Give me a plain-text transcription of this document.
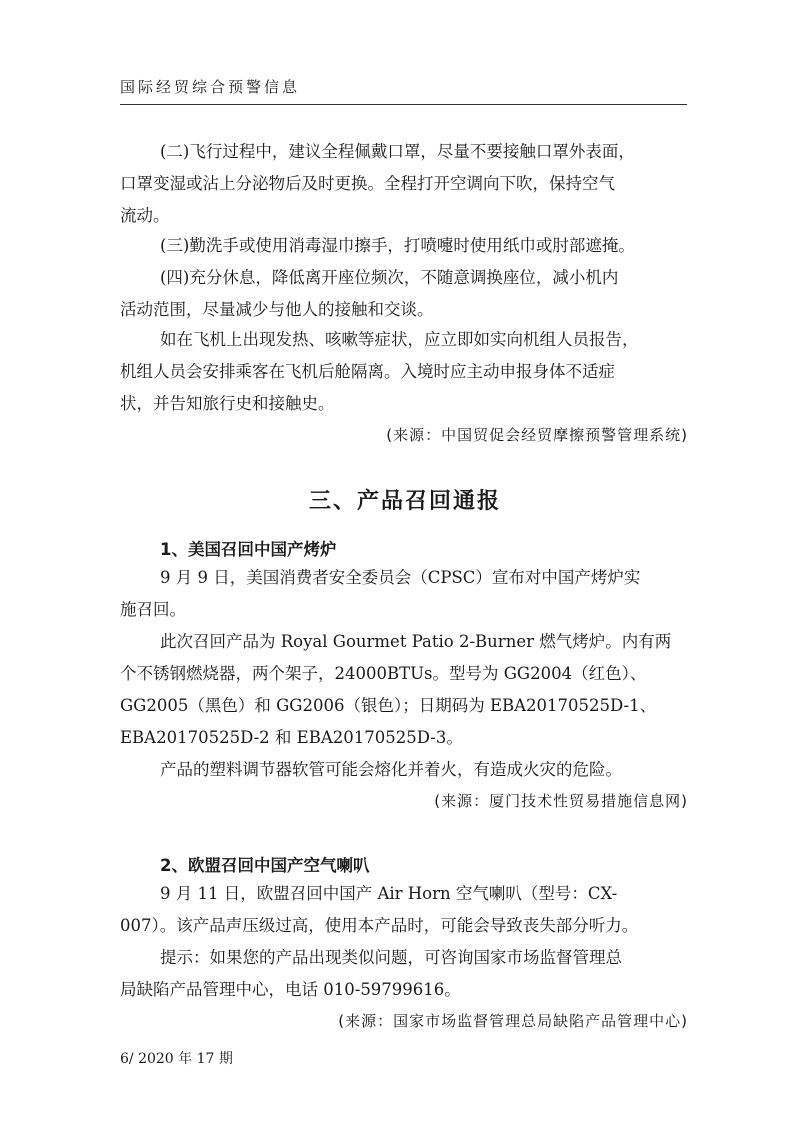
国际经贸综合预警信息
(二)飞行过程中，建议全程佩戴口罩，尽量不要接触口罩外表面，
口罩变湿或沾上分泌物后及时更换。全程打开空调向下吹，保持空气
流动。
(三)勤洗手或使用消毒湿巾擦手，打喷嚏时使用纸巾或肘部遮掩。
(四)充分休息，降低离开座位频次，不随意调换座位，减小机内
活动范围，尽量减少与他人的接触和交谈。
如在飞机上出现发热、咳嗽等症状，应立即如实向机组人员报告，
机组人员会安排乘客在飞机后舱隔离。入境时应主动申报身体不适症
状，并告知旅行史和接触史。
(来源：中国贸促会经贸摩擦预警管理系统)
三、产品召回通报
1、美国召回中国产烤炉
9 月 9 日，美国消费者安全委员会（CPSC）宣布对中国产烤炉实
施召回。
此次召回产品为 Royal Gourmet Patio 2-Burner 燃气烤炉。内有两
个不锈钢燃烧器，两个架子，24000BTUs。型号为 GG2004（红色）、
GG2005（黑色）和 GG2006（银色）；日期码为 EBA20170525D-1、
EBA20170525D-2 和 EBA20170525D-3。
产品的塑料调节器软管可能会熔化并着火，有造成火灾的危险。
(来源：厦门技术性贸易措施信息网)
2、欧盟召回中国产空气喇叭
9 月 11 日，欧盟召回中国产 Air Horn 空气喇叭（型号：CX-
007）。该产品声压级过高，使用本产品时，可能会导致丧失部分听力。
提示：如果您的产品出现类似问题，可咨询国家市场监督管理总
局缺陷产品管理中心，电话 010-59799616。
(来源：国家市场监督管理总局缺陷产品管理中心)
6/ 2020 年 17 期
